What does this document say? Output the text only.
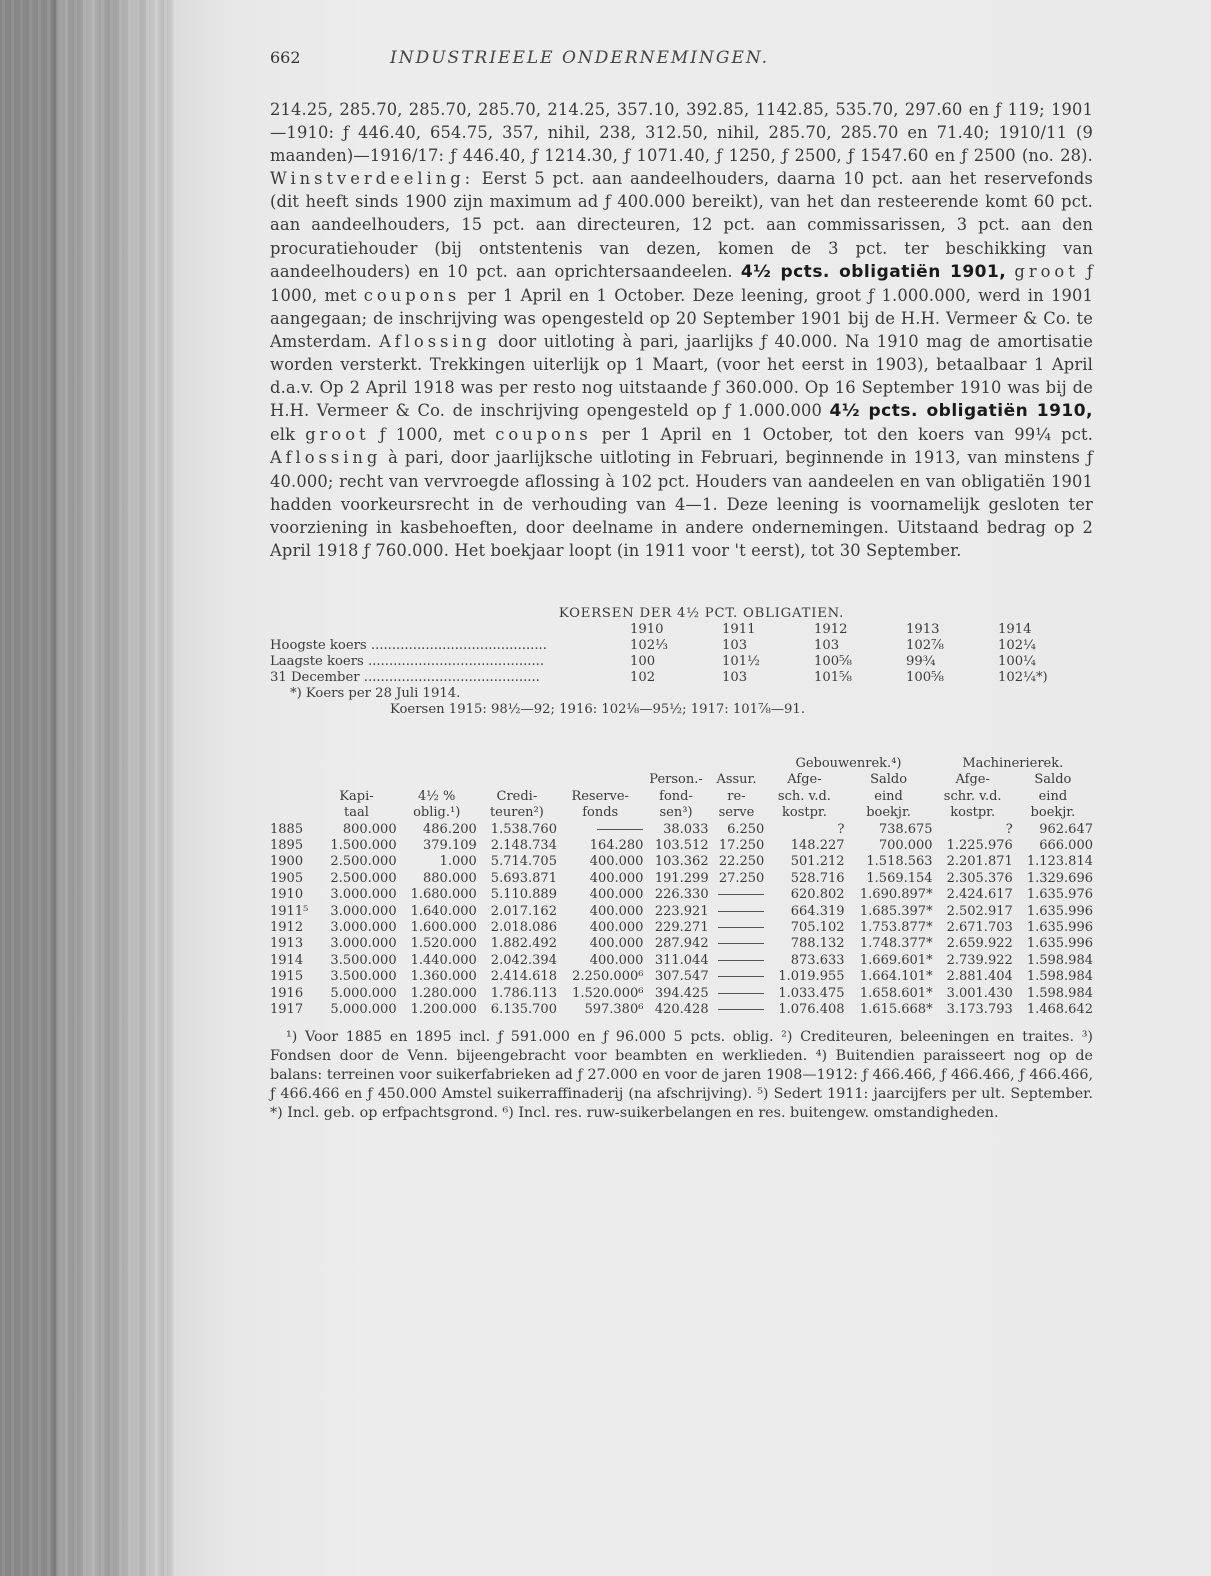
662	INDUSTRIEELE ONDERNEMINGEN.

214.25, 285.70, 285.70, 285.70, 214.25, 357.10, 392.85, 1142.85, 535.70, 297.60 en ƒ 119; 1901—1910: ƒ 446.40, 654.75, 357, nihil, 238, 312.50, nihil, 285.70, 285.70 en 71.40; 1910/11 (9 maanden)—1916/17: ƒ 446.40, ƒ 1214.30, ƒ 1071.40, ƒ 1250, ƒ 2500, ƒ 1547.60 en ƒ 2500 (no. 28). Winstverdeeling: Eerst 5 pct. aan aandeelhouders, daarna 10 pct. aan het reservefonds (dit heeft sinds 1900 zijn maximum ad ƒ 400.000 bereikt), van het dan resteerende komt 60 pct. aan aandeelhouders, 15 pct. aan directeuren, 12 pct. aan commissarissen, 3 pct. aan den procuratiehouder (bij ontstentenis van dezen, komen de 3 pct. ter beschikking van aandeelhouders) en 10 pct. aan oprichtersaandeelen. 4½ pcts. obligatiën 1901, groot ƒ 1000, met coupons per 1 April en 1 October. Deze leening, groot ƒ 1.000.000, werd in 1901 aangegaan; de inschrijving was opengesteld op 20 September 1901 bij de H.H. Vermeer & Co. te Amsterdam. Aflossing door uitloting à pari, jaarlijks ƒ 40.000. Na 1910 mag de amortisatie worden versterkt. Trekkingen uiterlijk op 1 Maart, (voor het eerst in 1903), betaalbaar 1 April d.a.v. Op 2 April 1918 was per resto nog uitstaande ƒ 360.000. Op 16 September 1910 was bij de H.H. Vermeer & Co. de inschrijving opengesteld op ƒ 1.000.000 4½ pcts. obligatiën 1910, elk groot ƒ 1000, met coupons per 1 April en 1 October, tot den koers van 99¼ pct. Aflossing à pari, door jaarlijksche uitloting in Februari, beginnende in 1913, van minstens ƒ 40.000; recht van vervroegde aflossing à 102 pct. Houders van aandeelen en van obligatiën 1901 hadden voorkeursrecht in de verhouding van 4—1. Deze leening is voornamelijk gesloten ter voorziening in kasbehoeften, door deelname in andere ondernemingen. Uitstaand bedrag op 2 April 1918 ƒ 760.000. Het boekjaar loopt (in 1911 voor 't eerst), tot 30 September.

KOERSEN DER 4½ PCT. OBLIGATIEN.
1910	1911	1912	1913	1914
Hoogste koers ..........................................	102⅓	103	103	102⅞	102¼
Laagste koers ..........................................	100	101½	100⅝	99¾	100¼
31 December ..........................................	102	103	101⅝	100⅝	102¼*)
*) Koers per 28 Juli 1914.
Koersen 1915: 98½—92; 1916: 102⅛—95½; 1917: 101⅞—91.
							Gebouwenrek.⁴)		Machinerierek.	
					Person.-	Assur.	Afge-	Saldo	Afge-	Saldo
	Kapi-	4½ %	Credi-	Reserve-	fond-	re-	sch. v.d.	eind	schr. v.d.	eind
	taal	oblig.¹)	teuren²)	fonds	sen³)	serve	kostpr.	boekjr.	kostpr.	boekjr.
1885	800.000	486.200	1.538.760		38.033	6.250	?	738.675	?	962.647
1895	1.500.000	379.109	2.148.734	164.280	103.512	17.250	148.227	700.000	1.225.976	666.000
1900	2.500.000	1.000	5.714.705	400.000	103.362	22.250	501.212	1.518.563	2.201.871	1.123.814
1905	2.500.000	880.000	5.693.871	400.000	191.299	27.250	528.716	1.569.154	2.305.376	1.329.696
1910	3.000.000	1.680.000	5.110.889	400.000	226.330		620.802	1.690.897*	2.424.617	1.635.976
1911⁵	3.000.000	1.640.000	2.017.162	400.000	223.921		664.319	1.685.397*	2.502.917	1.635.996
1912	3.000.000	1.600.000	2.018.086	400.000	229.271		705.102	1.753.877*	2.671.703	1.635.996
1913	3.000.000	1.520.000	1.882.492	400.000	287.942		788.132	1.748.377*	2.659.922	1.635.996
1914	3.500.000	1.440.000	2.042.394	400.000	311.044		873.633	1.669.601*	2.739.922	1.598.984
1915	3.500.000	1.360.000	2.414.618	2.250.000⁶	307.547		1.019.955	1.664.101*	2.881.404	1.598.984
1916	5.000.000	1.280.000	1.786.113	1.520.000⁶	394.425		1.033.475	1.658.601*	3.001.430	1.598.984
1917	5.000.000	1.200.000	6.135.700	597.380⁶	420.428		1.076.408	1.615.668*	3.173.793	1.468.642

¹) Voor 1885 en 1895 incl. ƒ 591.000 en ƒ 96.000 5 pcts. oblig. ²) Crediteuren, beleeningen en traites. ³) Fondsen door de Venn. bijeengebracht voor beambten en werklieden. ⁴) Buitendien paraisseert nog op de balans: terreinen voor suikerfabrieken ad ƒ 27.000 en voor de jaren 1908—1912: ƒ 466.466, ƒ 466.466, ƒ 466.466, ƒ 466.466 en ƒ 450.000 Amstel suikerraffinaderij (na afschrijving). ⁵) Sedert 1911: jaarcijfers per ult. September. *) Incl. geb. op erfpachtsgrond. ⁶) Incl. res. ruw-suikerbelangen en res. buitengew. omstandigheden.
